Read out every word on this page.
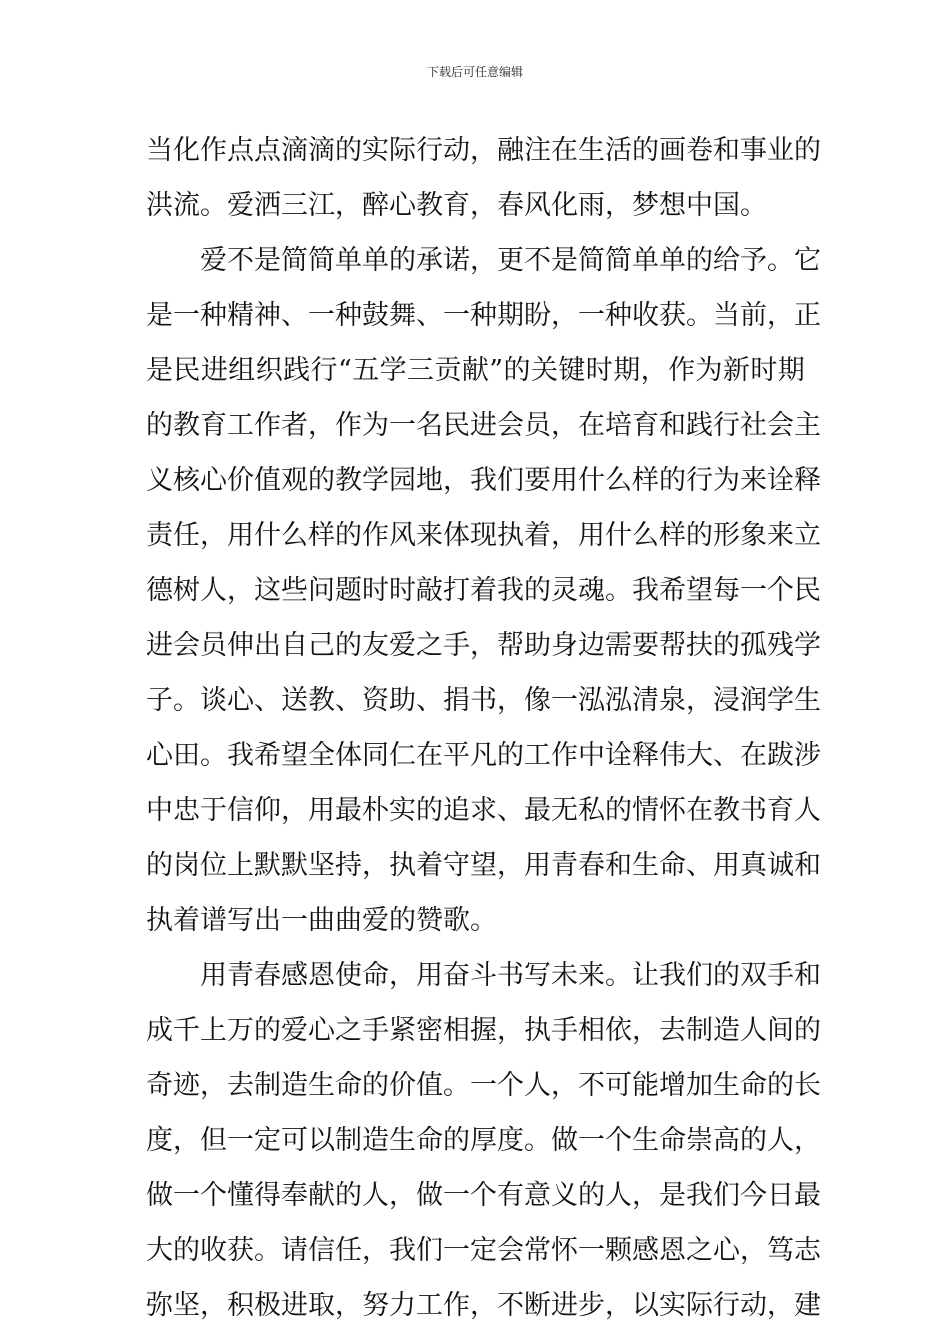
下载后可任意编辑
当 化 作 点 点 滴 滴 的 实 际 行 动 ， 融 注 在 生 活 的 画 卷 和 事 业 的
洪 流 。 爱 洒 三 江 ， 醉 心 教 育 ， 春 风 化 雨 ， 梦 想 中 国 。
爱 不 是 简 简 单 单 的 承 诺 ， 更 不 是 简 简 单 单 的 给 予 。 它
是 一 种 精 神 、 一 种 鼓 舞 、 一 种 期 盼 ， 一 种 收 获 。 当 前 ， 正
是 民 进 组 织 践 行 “ 五 学 三 贡 献 ” 的 关 键 时 期 ， 作 为 新 时 期
的 教 育 工 作 者 ， 作 为 一 名 民 进 会 员 ， 在 培 育 和 践 行 社 会 主
义 核 心 价 值 观 的 教 学 园 地 ， 我 们 要 用 什 么 样 的 行 为 来 诠 释
责 任 ， 用 什 么 样 的 作 风 来 体 现 执 着 ， 用 什 么 样 的 形 象 来 立
德 树 人 ， 这 些 问 题 时 时 敲 打 着 我 的 灵 魂 。 我 希 望 每 一 个 民
进 会 员 伸 出 自 己 的 友 爱 之 手 ， 帮 助 身 边 需 要 帮 扶 的 孤 残 学
子 。 谈 心 、 送 教 、 资 助 、 捐 书 ， 像 一 泓 泓 清 泉 ， 浸 润 学 生
心 田 。 我 希 望 全 体 同 仁 在 平 凡 的 工 作 中 诠 释 伟 大 、 在 跋 涉
中 忠 于 信 仰 ， 用 最 朴 实 的 追 求 、 最 无 私 的 情 怀 在 教 书 育 人
的 岗 位 上 默 默 坚 持 ， 执 着 守 望 ， 用 青 春 和 生 命 、 用 真 诚 和
执 着 谱 写 出 一 曲 曲 爱 的 赞 歌 。
用 青 春 感 恩 使 命 ， 用 奋 斗 书 写 未 来 。 让 我 们 的 双 手 和
成 千 上 万 的 爱 心 之 手 紧 密 相 握 ， 执 手 相 依 ， 去 制 造 人 间 的
奇 迹 ， 去 制 造 生 命 的 价 值 。 一 个 人 ， 不 可 能 增 加 生 命 的 长
度 ， 但 一 定 可 以 制 造 生 命 的 厚 度 。 做 一 个 生 命 崇 高 的 人 ，
做 一 个 懂 得 奉 献 的 人 ， 做 一 个 有 意 义 的 人 ， 是 我 们 今 日 最
大 的 收 获 。 请 信 任 ， 我 们 一 定 会 常 怀 一 颗 感 恩 之 心 ， 笃 志
弥 坚 ， 积 极 进 取 ， 努 力 工 作 ， 不 断 进 步 ， 以 实 际 行 动 ， 建
